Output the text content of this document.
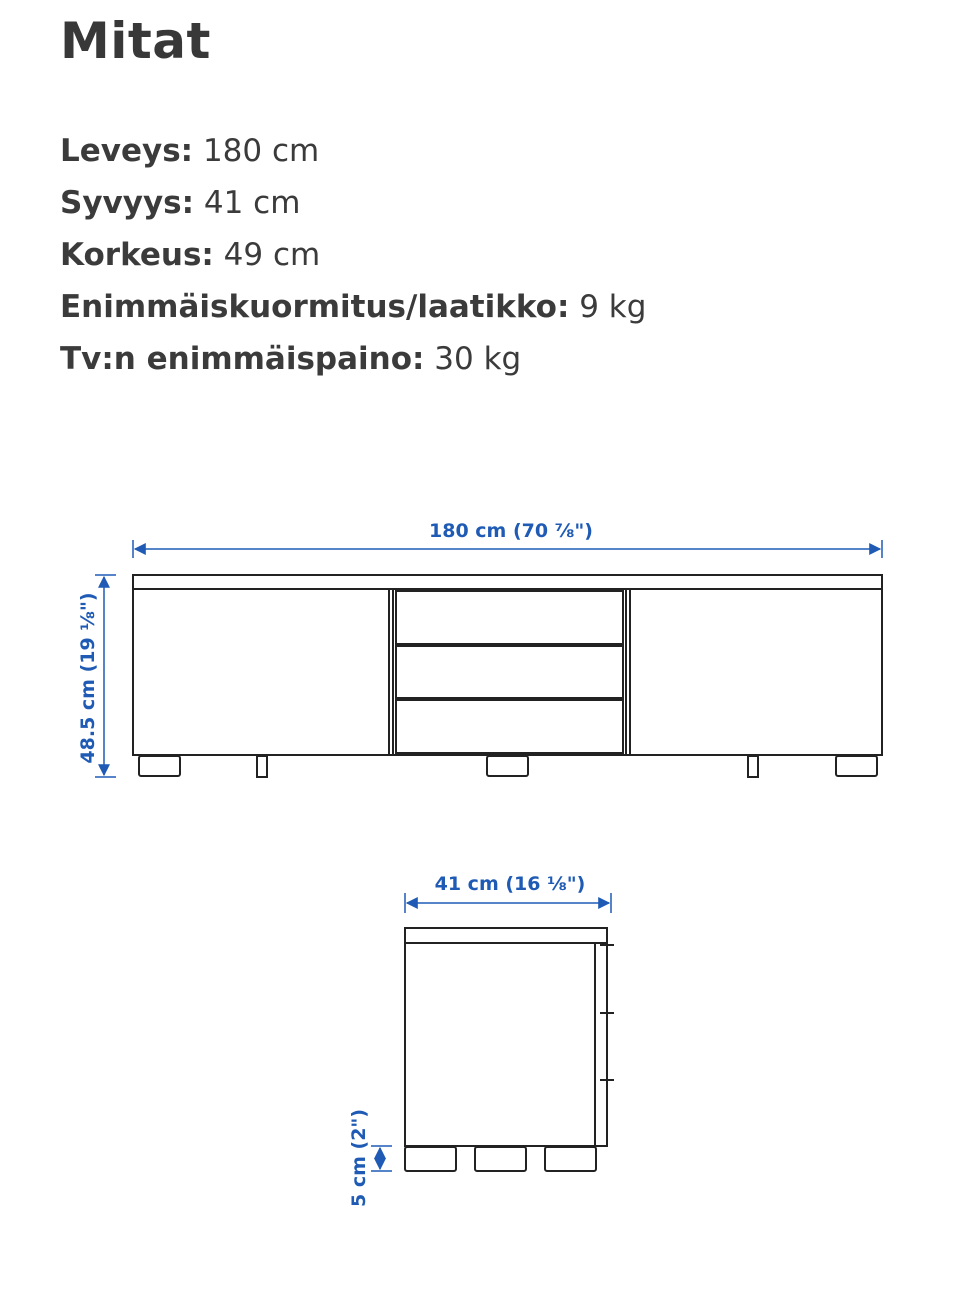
Mitat
Leveys: 180 cm
Syvyys: 41 cm
Korkeus: 49 cm
Enimmäiskuormitus/laatikko: 9 kg
Tv:n enimmäispaino: 30 kg
180 cm (70 ⅞")
48.5 cm (19 ⅛")
41 cm (16 ⅛")
5 cm (2")
